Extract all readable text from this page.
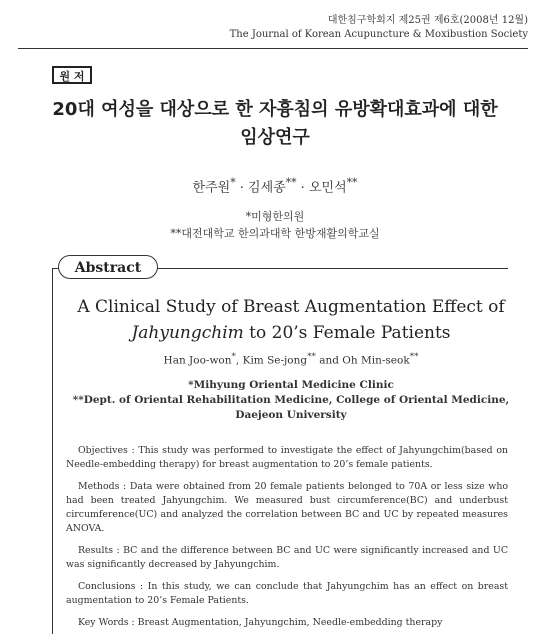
대한침구학회지 제25권 제6호(2008년 12월)
The Journal of Korean Acupuncture & Moxibustion Society
원 저
20대 여성을 대상으로 한 자흉침의 유방확대효과에 대한
임상연구
한주원* · 김세종** · 오민석**
*미형한의원
**대전대학교 한의과대학 한방재활의학교실
Abstract
A Clinical Study of Breast Augmentation Effect of
Jahyungchim to 20’s Female Patients
Han Joo-won*, Kim Se-jong** and Oh Min-seok**
*Mihyung Oriental Medicine Clinic
**Dept. of Oriental Rehabilitation Medicine, College of Oriental Medicine,
Daejeon University

Objectives : This study was performed to investigate the effect of Jahyungchim(based on Needle-embedding therapy) for breast augmentation to 20’s female patients.

Methods : Data were obtained from 20 female patients belonged to 70A or less size who had been treated Jahyungchim. We measured bust circumference(BC) and underbust circumference(UC) and analyzed the correlation between BC and UC by repeated measures ANOVA.

Results : BC and the difference between BC and UC were significantly increased and UC was significantly decreased by Jahyungchim.

Conclusions : In this study, we can conclude that Jahyungchim has an effect on breast augmentation to 20’s Female Patients.

Key Words : Breast Augmentation, Jahyungchim, Needle-embedding therapy
